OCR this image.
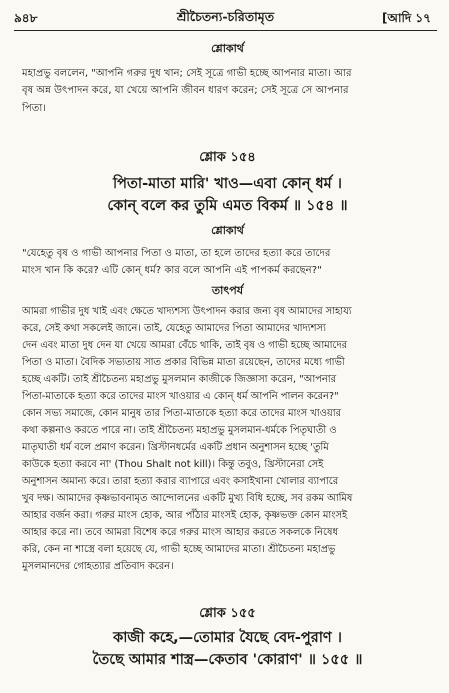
৯৪৮	শ্রীচৈতন্য-চরিতামৃত	[আদি ১৭
শ্লোকার্থ
মহাপ্রভু বললেন, "আপনি গরুর দুধ খান; সেই সূত্রে গাভী হচ্ছে আপনার মাতা। আর
বৃষ অন্ন উৎপাদন করে, যা খেয়ে আপনি জীবন ধারণ করেন; সেই সূত্রে সে আপনার
পিতা।
শ্লোক ১৫৪
পিতা-মাতা মারি' খাও—এবা কোন্ ধর্ম ।
কোন্ বলে কর তুমি এমত বিকর্ম ॥ ১৫৪ ॥
শ্লোকার্থ
"যেহেতু বৃষ ও গাভী আপনার পিতা ও মাতা, তা হলে তাদের হত্যা করে তাদের
মাংস খান কি করে? এটি কোন্ ধর্ম? কার বলে আপনি এই পাপকর্ম করছেন?"
তাৎপর্য
আমরা গাভীর দুধ খাই এবং ক্ষেতে খাদ্যশস্য উৎপাদন করার জন্য বৃষ আমাদের সাহায্য
করে, সেই কথা সকলেই জানে। তাই, যেহেতু আমাদের পিতা আমাদের খাদ্যশস্য
দেন এবং মাতা দুধ দেন যা খেয়ে আমরা বেঁচে থাকি, তাই বৃষ ও গাভী হচ্ছে আমাদের
পিতা ও মাতা। বৈদিক সভ্যতায় সাত প্রকার বিভিন্ন মাতা রয়েছেন, তাদের মধ্যে গাভী
হচ্ছে একটি। তাই শ্রীচৈতন্য মহাপ্রভু মুসলমান কাজীকে জিজ্ঞাসা করেন, "আপনার
পিতা-মাতাকে হত্যা করে তাদের মাংস খাওয়ার এ কোন্ ধর্ম আপনি পালন করেন?"
কোন সভ্য সমাজে, কোন মানুষ তার পিতা-মাতাকে হত্যা করে তাদের মাংস খাওয়ার
কথা কল্পনাও করতে পারে না। তাই শ্রীচৈতন্য মহাপ্রভু মুসলমান-ধর্মকে পিতৃঘাতী ও
মাতৃঘাতী ধর্ম বলে প্রমাণ করেন। খ্রিস্টানধর্মের একটি প্রধান অনুশাসন হচ্ছে 'তুমি
কাউকে হত্যা করবে না' (Thou Shalt not kill)। কিন্তু তবুও, খ্রিস্টানেরা সেই
অনুশাসন অমান্য করে। তারা হত্যা করার ব্যাপারে এবং কসাইখানা খোলার ব্যাপারে
খুব দক্ষ। আমাদের কৃষ্ণভাবনামৃত আন্দোলনের একটি মুখ্য বিধি হচ্ছে, সব রকম আমিষ
আহার বর্জন করা। গরুর মাংস হোক, আর পাঁঠার মাংসই হোক, কৃষ্ণভক্ত কোন মাংসই
আহার করে না। তবে আমরা বিশেষ করে গরুর মাংস আহার করতে সকলকে নিষেধ
করি, কেন না শাস্ত্রে বলা হয়েছে যে, গাভী হচ্ছে আমাদের মাতা। শ্রীচৈতন্য মহাপ্রভু
মুসলমানদের গোহত্যার প্রতিবাদ করেন।
শ্লোক ১৫৫
কাজী কহে,—তোমার যৈছে বেদ-পুরাণ ।
তৈছে আমার শাস্ত্র—কেতাব 'কোরাণ' ॥ ১৫৫ ॥
